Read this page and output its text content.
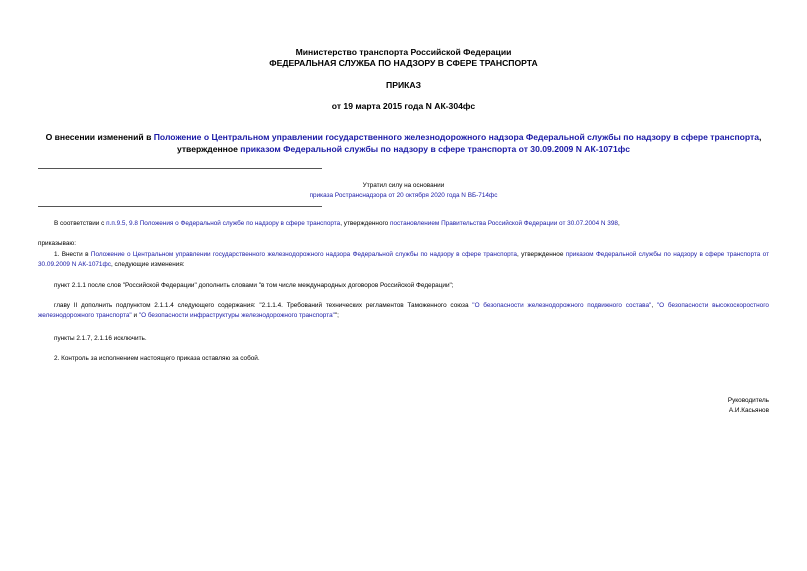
Министерство транспорта Российской Федерации
ФЕДЕРАЛЬНАЯ СЛУЖБА ПО НАДЗОРУ В СФЕРЕ ТРАНСПОРТА
ПРИКАЗ
от 19 марта 2015 года N АК-304фс
О внесении изменений в Положение о Центральном управлении государственного железнодорожного надзора Федеральной службы по надзору в сфере транспорта, утвержденное приказом Федеральной службы по надзору в сфере транспорта от 30.09.2009 N АК-1071фс
Утратил силу на основании
приказа Ространснадзора от 20 октября 2020 года N ВБ-714фс
В соответствии с п.п.9.5, 9.8 Положения о Федеральной службе по надзору в сфере транспорта, утвержденного постановлением Правительства Российской Федерации от 30.07.2004 N 398,
приказываю:
1. Внести в Положение о Центральном управлении государственного железнодорожного надзора Федеральной службы по надзору в сфере транспорта, утвержденное приказом Федеральной службы по надзору в сфере транспорта от 30.09.2009 N АК-1071фс, следующие изменения:
пункт 2.1.1 после слов "Российской Федерации" дополнить словами "в том числе международных договоров Российской Федерации";
главу II дополнить подпунктом 2.1.1.4 следующего содержания: "2.1.1.4. Требований технических регламентов Таможенного союза "О безопасности железнодорожного подвижного состава", "О безопасности высокоскоростного железнодорожного транспорта" и "О безопасности инфраструктуры железнодорожного транспорта"";
пункты 2.1.7, 2.1.16 исключить.
2. Контроль за исполнением настоящего приказа оставляю за собой.
Руководитель
А.И.Касьянов
